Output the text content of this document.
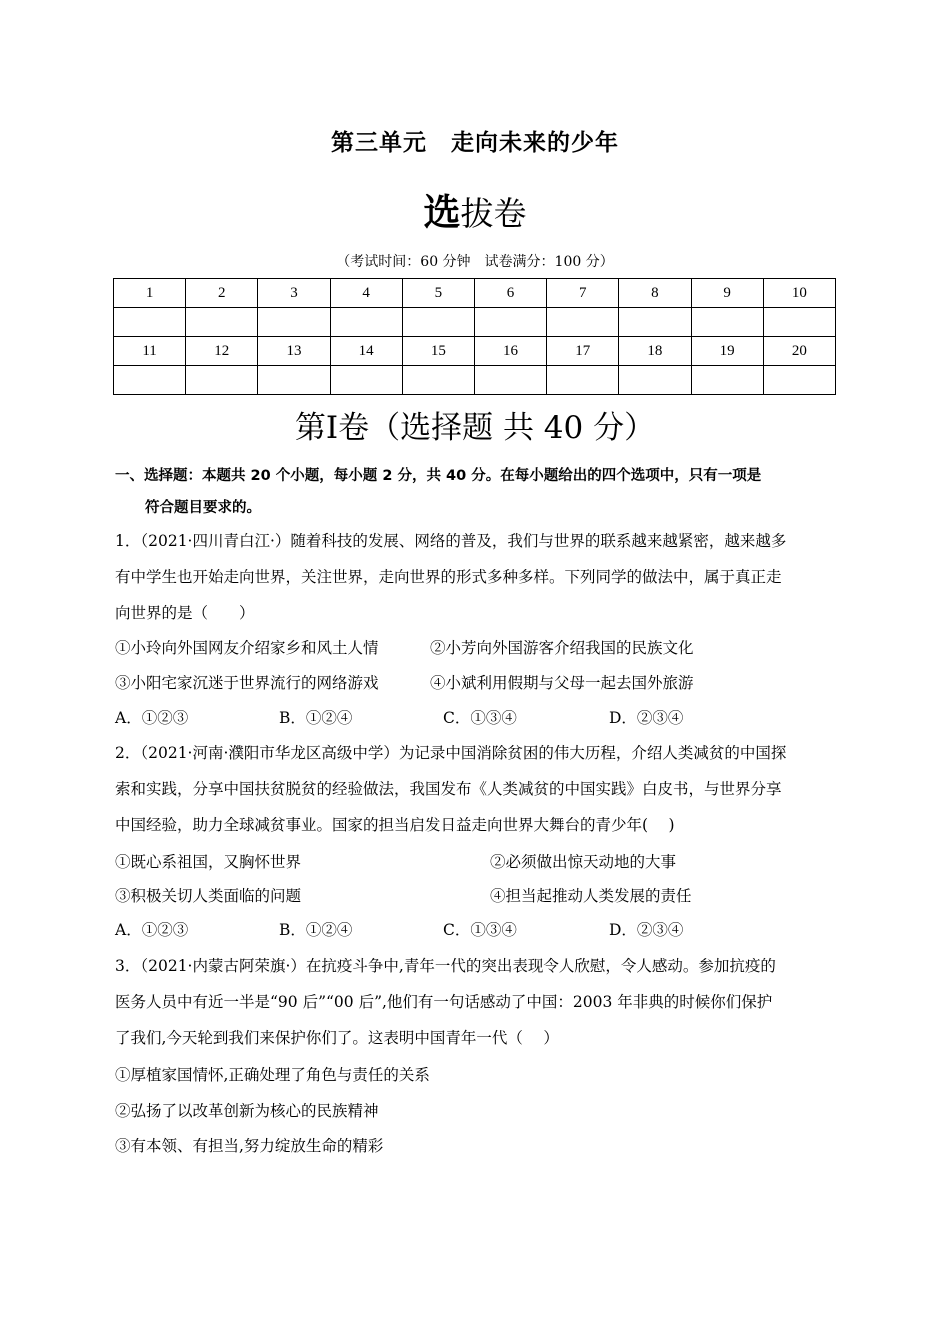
第三单元　走向未来的少年
选拔卷
（考试时间：60 分钟　试卷满分：100 分）
1	2	3	4	5	6	7	8	9	10

11	12	13	14	15	16	17	18	19	20

第Ⅰ卷（选择题 共 40 分）
一、选择题：本题共 20 个小题，每小题 2 分，共 40 分。在每小题给出的四个选项中，只有一项是
符合题目要求的。
1．（2021·四川青白江·）随着科技的发展、网络的普及，我们与世界的联系越来越紧密，越来越多
有中学生也开始走向世界，关注世界，走向世界的形式多种多样。下列同学的做法中，属于真正走
向世界的是（　　）
①小玲向外国网友介绍家乡和风土人情	②小芳向外国游客介绍我国的民族文化
③小阳宅家沉迷于世界流行的网络游戏	④小斌利用假期与父母一起去国外旅游
A．①②③	B．①②④	C．①③④	D．②③④
2．（2021·河南·濮阳市华龙区高级中学）为记录中国消除贫困的伟大历程，介绍人类减贫的中国探
索和实践，分享中国扶贫脱贫的经验做法，我国发布《人类减贫的中国实践》白皮书，与世界分享
中国经验，助力全球减贫事业。国家的担当启发日益走向世界大舞台的青少年(　 )
①既心系祖国，又胸怀世界	②必须做出惊天动地的大事
③积极关切人类面临的问题	④担当起推动人类发展的责任
A．①②③	B．①②④	C．①③④	D．②③④
3．（2021·内蒙古阿荣旗·）在抗疫斗争中,青年一代的突出表现令人欣慰，令人感动。参加抗疫的
医务人员中有近一半是“90 后”“00 后”,他们有一句话感动了中国：2003 年非典的时候你们保护
了我们,今天轮到我们来保护你们了。这表明中国青年一代（　 ）
①厚植家国情怀,正确处理了角色与责任的关系
②弘扬了以改革创新为核心的民族精神
③有本领、有担当,努力绽放生命的精彩
